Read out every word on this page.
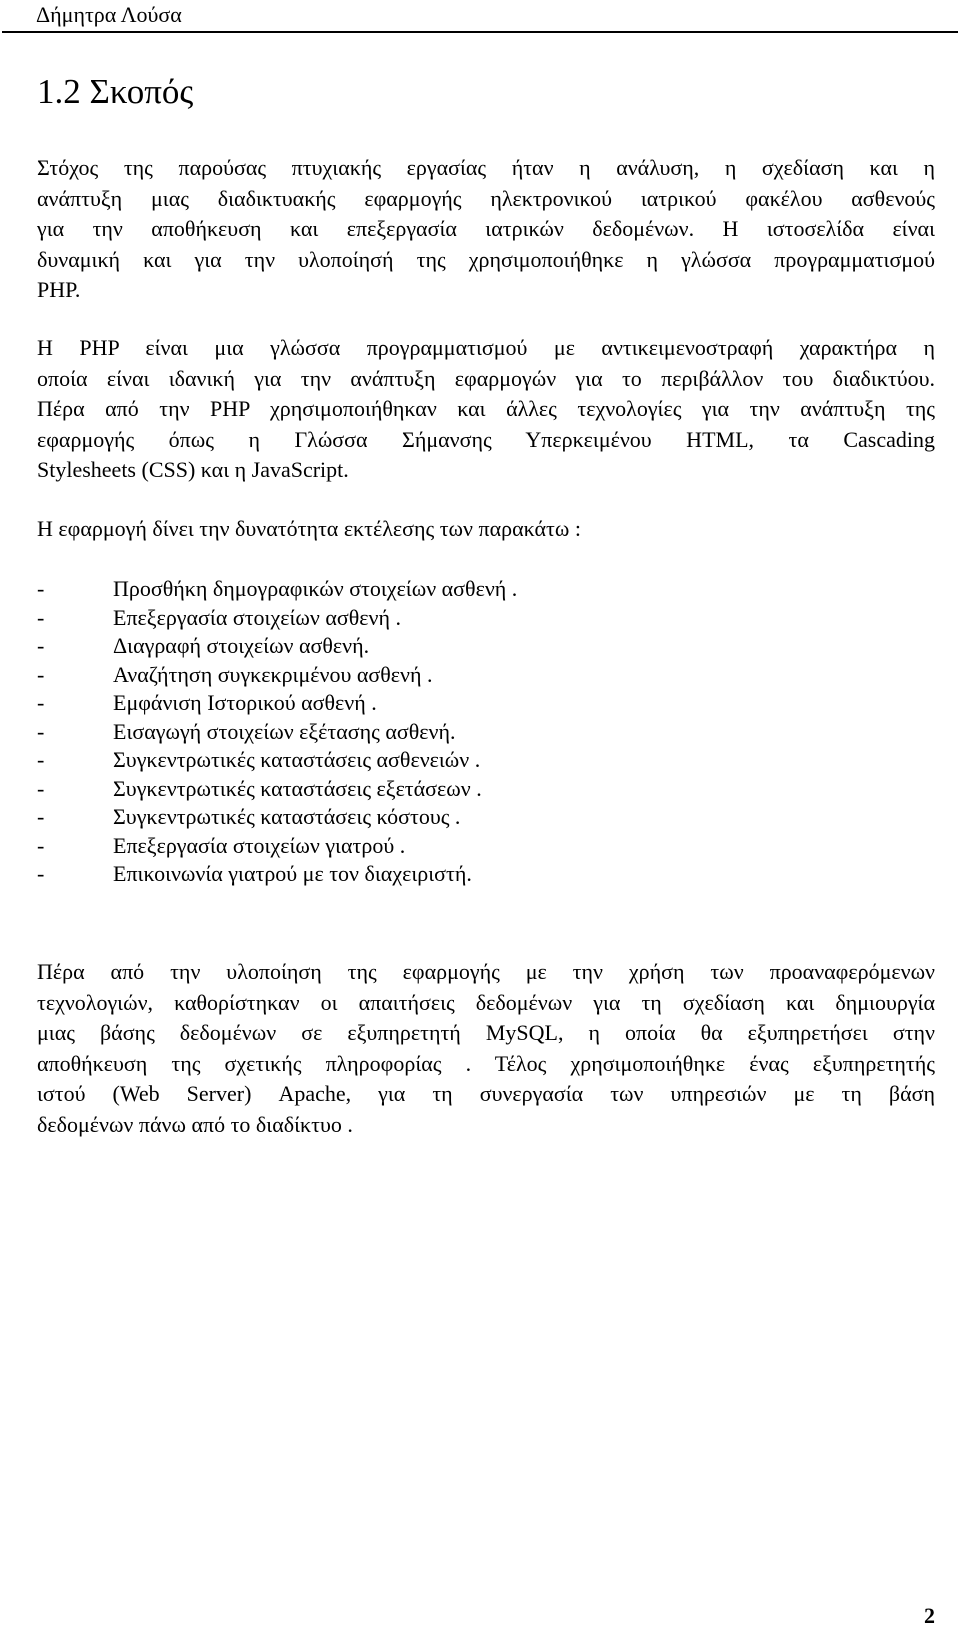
Δήμητρα Λούσα
1.2 Σκοπός
Στόχος της παρούσας πτυχιακής εργασίας ήταν η ανάλυση, η σχεδίαση και η
ανάπτυξη μιας διαδικτυακής εφαρμογής ηλεκτρονικού ιατρικού φακέλου ασθενούς
για την αποθήκευση και επεξεργασία ιατρικών δεδομένων. Η ιστοσελίδα είναι
δυναμική και για την υλοποίησή της χρησιμοποιήθηκε η γλώσσα προγραμματισμού
PHP.
Η PHP είναι μια γλώσσα προγραμματισμού με αντικειμενοστραφή χαρακτήρα η
οποία είναι ιδανική για την ανάπτυξη εφαρμογών για το περιβάλλον του διαδικτύου.
Πέρα από την PHP χρησιμοποιήθηκαν και άλλες τεχνολογίες για την ανάπτυξη της
εφαρμογής όπως η Γλώσσα Σήμανσης Υπερκειμένου HTML, τα Cascading
Stylesheets (CSS) και η JavaScript.
Η εφαρμογή δίνει την δυνατότητα εκτέλεσης των παρακάτω :
-	Προσθήκη δημογραφικών στοιχείων ασθενή .
-	Επεξεργασία στοιχείων ασθενή .
-	Διαγραφή στοιχείων ασθενή.
-	Αναζήτηση συγκεκριμένου ασθενή .
-	Εμφάνιση Ιστορικού ασθενή .
-	Εισαγωγή στοιχείων εξέτασης ασθενή.
-	Συγκεντρωτικές καταστάσεις ασθενειών .
-	Συγκεντρωτικές καταστάσεις εξετάσεων .
-	Συγκεντρωτικές καταστάσεις κόστους .
-	Επεξεργασία στοιχείων γιατρού .
-	Επικοινωνία γιατρού με τον διαχειριστή.
Πέρα από την υλοποίηση της εφαρμογής με την χρήση των προαναφερόμενων
τεχνολογιών, καθορίστηκαν οι απαιτήσεις δεδομένων για τη σχεδίαση και δημιουργία
μιας βάσης δεδομένων σε εξυπηρετητή MySQL, η οποία θα εξυπηρετήσει στην
αποθήκευση της σχετικής πληροφορίας . Τέλος χρησιμοποιήθηκε ένας εξυπηρετητής
ιστού (Web Server) Apache, για τη συνεργασία των υπηρεσιών με τη βάση
δεδομένων πάνω από το διαδίκτυο .
2
